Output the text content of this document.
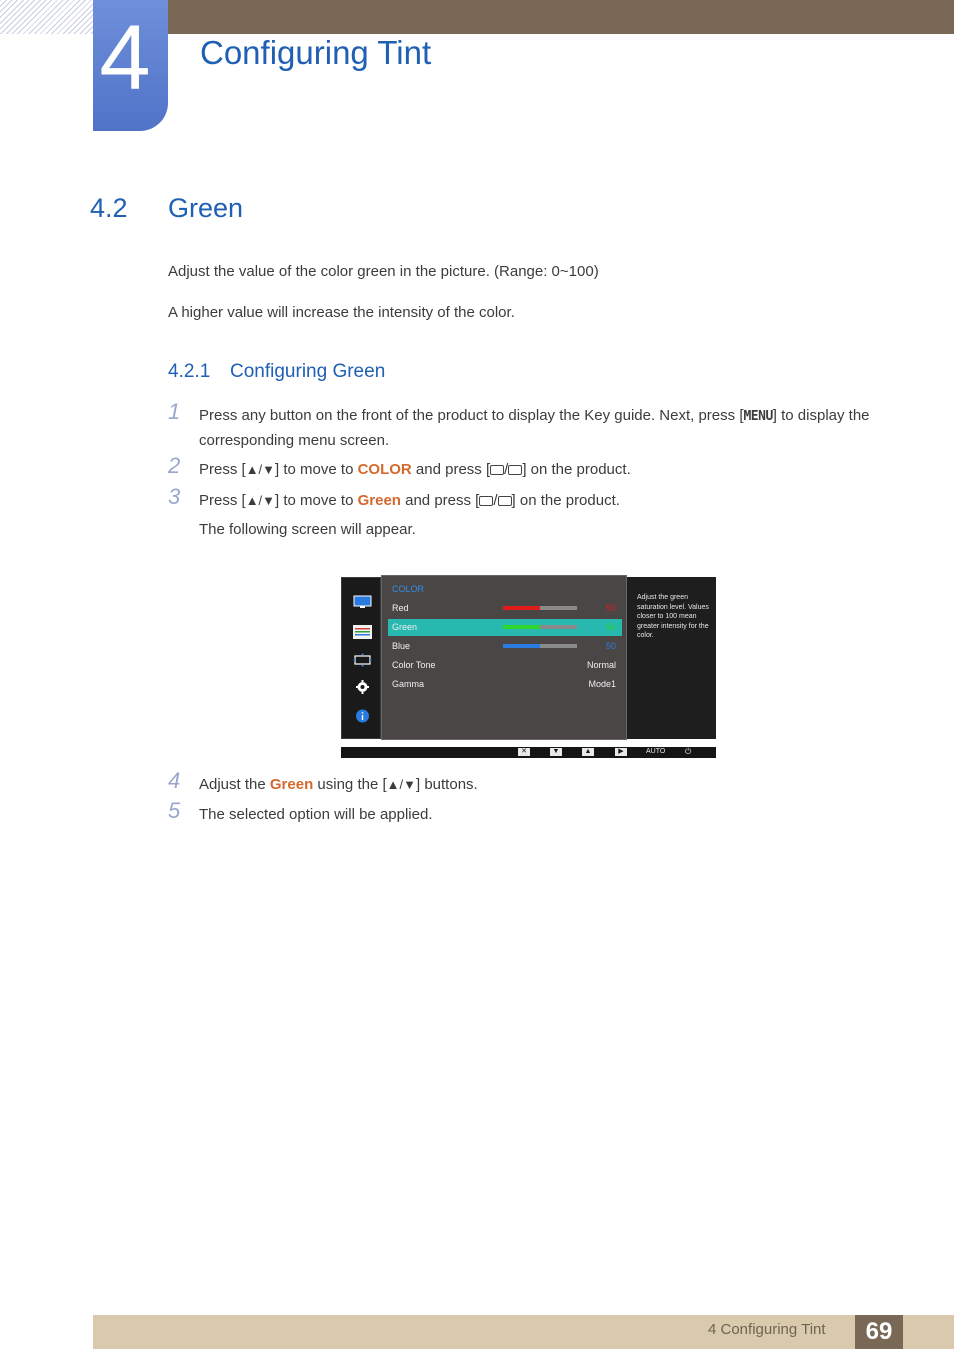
4 Configuring Tint
4.2 Green
Adjust the value of the color green in the picture. (Range: 0~100)
A higher value will increase the intensity of the color.
4.2.1 Configuring Green
1 Press any button on the front of the product to display the Key guide. Next, press [MENU] to display the corresponding menu screen.
2 Press [▲/▼] to move to COLOR and press [ / ] on the product.
3 Press [▲/▼] to move to Green and press [ / ] on the product.
The following screen will appear.
COLOR
Red	50
Green	50
Blue	50
Color Tone	Normal
Gamma	Mode1
Adjust the green saturation level. Values closer to 100 mean greater intensity for the color.
✕	▼	▲	▶	AUTO ⏻
4 Adjust the Green using the [▲/▼] buttons.
5 The selected option will be applied.
4 Configuring Tint	69
